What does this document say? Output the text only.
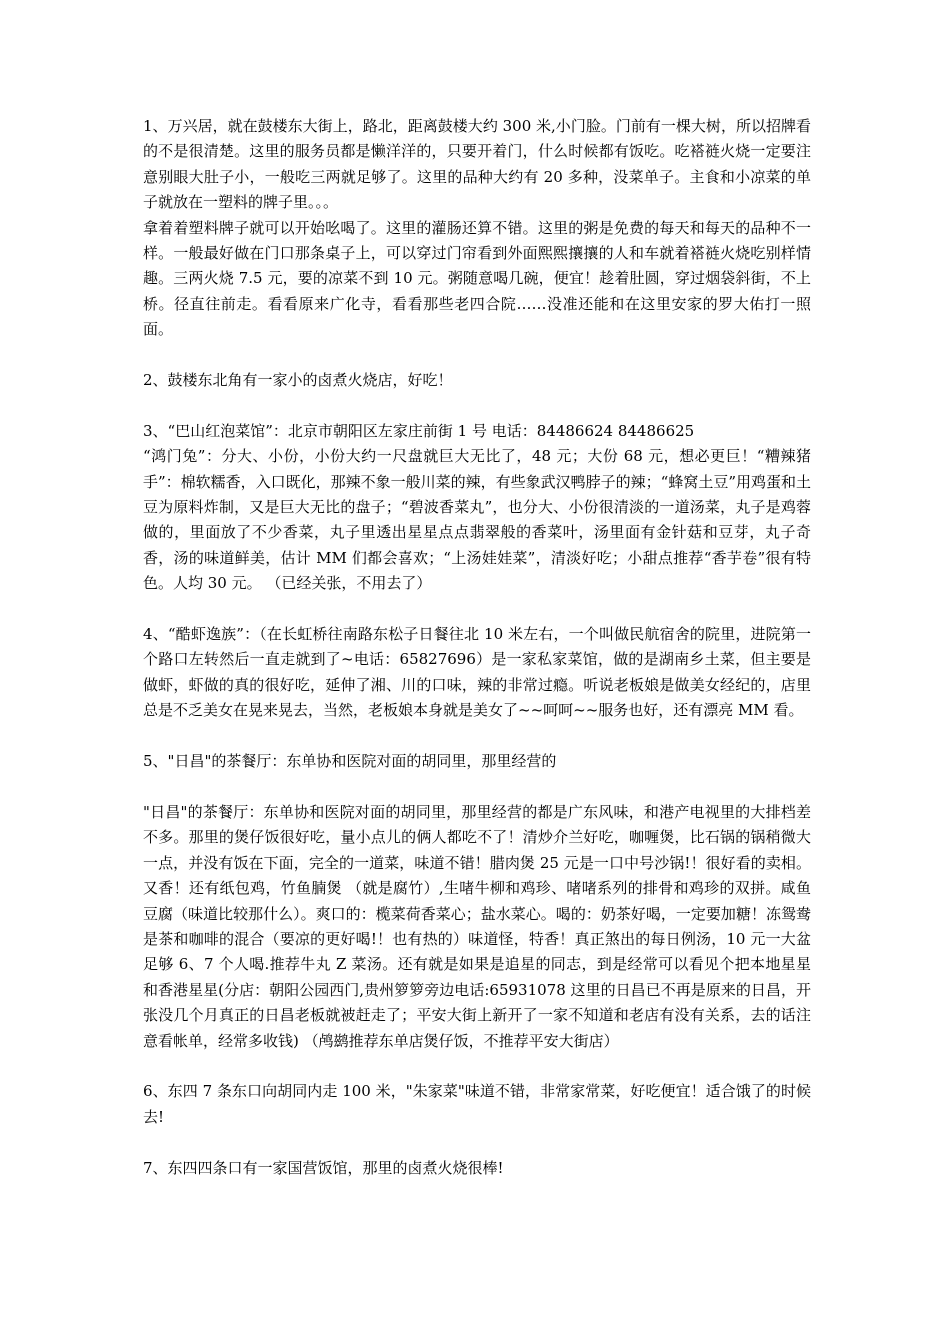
1、万兴居，就在鼓楼东大街上，路北，距离鼓楼大约 300 米,小门脸。门前有一棵大树，所以招牌看的不是很清楚。这里的服务员都是懒洋洋的，只要开着门，什么时候都有饭吃。吃褡裢火烧一定要注意别眼大肚子小，一般吃三两就足够了。这里的品种大约有 20 多种，没菜单子。主食和小凉菜的单子就放在一塑料的牌子里。。。

拿着着塑料牌子就可以开始吆喝了。这里的灌肠还算不错。这里的粥是免费的每天和每天的品种不一样。一般最好做在门口那条桌子上，可以穿过门帘看到外面熙熙攘攘的人和车就着褡裢火烧吃别样情趣。三两火烧 7.5 元，要的凉菜不到 10 元。粥随意喝几碗，便宜！趁着肚圆，穿过烟袋斜街，不上桥。径直往前走。看看原来广化寺，看看那些老四合院……没准还能和在这里安家的罗大佑打一照面。

2、鼓楼东北角有一家小的卤煮火烧店，好吃！

3、“巴山红泡菜馆”：北京市朝阳区左家庄前街 1 号 电话：84486624 84486625

“鸿门兔”：分大、小份，小份大约一尺盘就巨大无比了，48 元；大份 68 元，想必更巨！“糟辣猪手”：棉软糯香，入口既化，那辣不象一般川菜的辣，有些象武汉鸭脖子的辣；“蜂窝土豆”用鸡蛋和土豆为原料炸制，又是巨大无比的盘子；“碧波香菜丸”，也分大、小份很清淡的一道汤菜，丸子是鸡蓉做的，里面放了不少香菜，丸子里透出星星点点翡翠般的香菜叶，汤里面有金针菇和豆芽，丸子奇香，汤的味道鲜美，估计 MM 们都会喜欢；“上汤娃娃菜”，清淡好吃；小甜点推荐“香芋卷”很有特色。人均 30 元。 （已经关张，不用去了）

4、“酷虾逸族”：（在长虹桥往南路东松子日餐往北 10 米左右，一个叫做民航宿舍的院里，进院第一个路口左转然后一直走就到了~电话：65827696）是一家私家菜馆，做的是湖南乡土菜，但主要是做虾，虾做的真的很好吃，延伸了湘、川的口味，辣的非常过瘾。听说老板娘是做美女经纪的，店里总是不乏美女在晃来晃去，当然，老板娘本身就是美女了~~呵呵~~服务也好，还有漂亮 MM 看。

5、"日昌"的茶餐厅：东单协和医院对面的胡同里，那里经营的

"日昌"的茶餐厅：东单协和医院对面的胡同里，那里经营的都是广东风味，和港产电视里的大排档差不多。那里的煲仔饭很好吃，量小点儿的俩人都吃不了！清炒介兰好吃，咖喱煲，比石锅的锅稍微大一点，并没有饭在下面，完全的一道菜，味道不错！腊肉煲 25 元是一口中号沙锅!！很好看的卖相。又香！还有纸包鸡，竹鱼腩煲 （就是腐竹）,生啫牛柳和鸡珍、啫啫系列的排骨和鸡珍的双拼。咸鱼豆腐（味道比较那什么）。爽口的：榄菜荷香菜心；盐水菜心。喝的：奶茶好喝，一定要加糖！冻鸳鸯是茶和咖啡的混合（要凉的更好喝!！也有热的）味道怪，特香！真正煞出的每日例汤，10 元一大盆足够 6、7 个人喝.推荐牛丸 Z 菜汤。还有就是如果是追星的同志，到是经常可以看见个把本地星星和香港星星(分店：朝阳公园西门,贵州箩箩旁边电话:65931078 这里的日昌已不再是原来的日昌，开张没几个月真正的日昌老板就被赶走了；平安大街上新开了一家不知道和老店有没有关系，去的话注意看帐单，经常多收钱) （鸬鹚推荐东单店煲仔饭，不推荐平安大街店）

6、东四 7 条东口向胡同内走 100 米，"朱家菜"味道不错，非常家常菜，好吃便宜！适合饿了的时候去!

7、东四四条口有一家国营饭馆，那里的卤煮火烧很棒!
